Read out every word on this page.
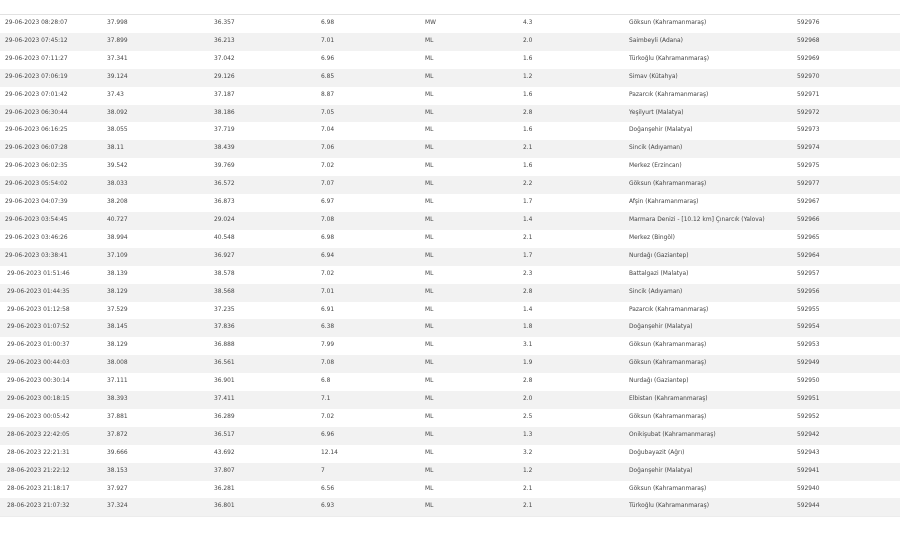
29-06-2023 08:28:07	37.998	36.357	6.98	MW	4.3	Göksun (Kahramanmaraş)	592976
29-06-2023 07:45:12	37.899	36.213	7.01	ML	2.0	Saimbeyli (Adana)	592968
29-06-2023 07:11:27	37.341	37.042	6.96	ML	1.6	Türkoğlu (Kahramanmaraş)	592969
29-06-2023 07:06:19	39.124	29.126	6.85	ML	1.2	Simav (Kütahya)	592970
29-06-2023 07:01:42	37.43	37.187	8.87	ML	1.6	Pazarcık (Kahramanmaraş)	592971
29-06-2023 06:30:44	38.092	38.186	7.05	ML	2.8	Yeşilyurt (Malatya)	592972
29-06-2023 06:16:25	38.055	37.719	7.04	ML	1.6	Doğanşehir (Malatya)	592973
29-06-2023 06:07:28	38.11	38.439	7.06	ML	2.1	Sincik (Adıyaman)	592974
29-06-2023 06:02:35	39.542	39.769	7.02	ML	1.6	Merkez (Erzincan)	592975
29-06-2023 05:54:02	38.033	36.572	7.07	ML	2.2	Göksun (Kahramanmaraş)	592977
29-06-2023 04:07:39	38.208	36.873	6.97	ML	1.7	Afşin (Kahramanmaraş)	592967
29-06-2023 03:54:45	40.727	29.024	7.08	ML	1.4	Marmara Denizi - [10.12 km] Çınarcık (Yalova)	592966
29-06-2023 03:46:26	38.994	40.548	6.98	ML	2.1	Merkez (Bingöl)	592965
29-06-2023 03:38:41	37.109	36.927	6.94	ML	1.7	Nurdağı (Gaziantep)	592964
29-06-2023 01:51:46	38.139	38.578	7.02	ML	2.3	Battalgazi (Malatya)	592957
29-06-2023 01:44:35	38.129	38.568	7.01	ML	2.8	Sincik (Adıyaman)	592956
29-06-2023 01:12:58	37.529	37.235	6.91	ML	1.4	Pazarcık (Kahramanmaraş)	592955
29-06-2023 01:07:52	38.145	37.836	6.38	ML	1.8	Doğanşehir (Malatya)	592954
29-06-2023 01:00:37	38.129	36.888	7.99	ML	3.1	Göksun (Kahramanmaraş)	592953
29-06-2023 00:44:03	38.008	36.561	7.08	ML	1.9	Göksun (Kahramanmaraş)	592949
29-06-2023 00:30:14	37.111	36.901	6.8	ML	2.8	Nurdağı (Gaziantep)	592950
29-06-2023 00:18:15	38.393	37.411	7.1	ML	2.0	Elbistan (Kahramanmaraş)	592951
29-06-2023 00:05:42	37.881	36.289	7.02	ML	2.5	Göksun (Kahramanmaraş)	592952
28-06-2023 22:42:05	37.872	36.517	6.96	ML	1.3	Onikişubat (Kahramanmaraş)	592942
28-06-2023 22:21:31	39.666	43.692	12.14	ML	3.2	Doğubayazit (Ağrı)	592943
28-06-2023 21:22:12	38.153	37.807	7	ML	1.2	Doğanşehir (Malatya)	592941
28-06-2023 21:18:17	37.927	36.281	6.56	ML	2.1	Göksun (Kahramanmaraş)	592940
28-06-2023 21:07:32	37.324	36.801	6.93	ML	2.1	Türkoğlu (Kahramanmaraş)	592944
